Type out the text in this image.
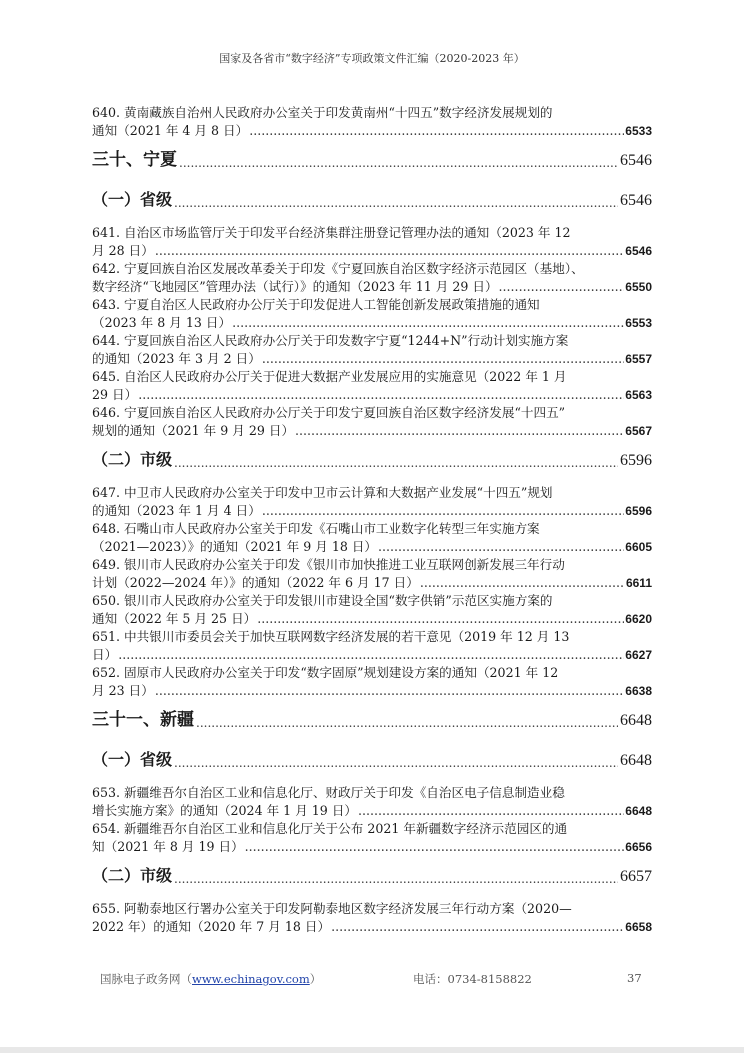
国家及各省市“数字经济”专项政策文件汇编（2020-2023 年）
640. 黄南藏族自治州人民政府办公室关于印发黄南州“十四五”数字经济发展规划的
通知（2021 年 4 月 8 日） .....	6533
三十、宁夏 .....	6546
（一）省级 .....	6546
641. 自治区市场监管厅关于印发平台经济集群注册登记管理办法的通知（2023 年 12
月 28 日） .....	6546
642. 宁夏回族自治区发展改革委关于印发《宁夏回族自治区数字经济示范园区（基地）、
数字经济“飞地园区”管理办法（试行）》的通知（2023 年 11 月 29 日） .....	6550
643. 宁夏自治区人民政府办公厅关于印发促进人工智能创新发展政策措施的通知
（2023 年 8 月 13 日） .....	6553
644. 宁夏回族自治区人民政府办公厅关于印发数字宁夏“1244+N”行动计划实施方案
的通知（2023 年 3 月 2 日） .....	6557
645. 自治区人民政府办公厅关于促进大数据产业发展应用的实施意见（2022 年 1 月
29 日） .....	6563
646. 宁夏回族自治区人民政府办公厅关于印发宁夏回族自治区数字经济发展“十四五”
规划的通知（2021 年 9 月 29 日） .....	6567
（二）市级 .....	6596
647. 中卫市人民政府办公室关于印发中卫市云计算和大数据产业发展“十四五”规划
的通知（2023 年 1 月 4 日） .....	6596
648. 石嘴山市人民政府办公室关于印发《石嘴山市工业数字化转型三年实施方案
（2021—2023）》的通知（2021 年 9 月 18 日） .....	6605
649. 银川市人民政府办公室关于印发《银川市加快推进工业互联网创新发展三年行动
计划（2022—2024 年）》的通知（2022 年 6 月 17 日） .....	6611
650. 银川市人民政府办公室关于印发银川市建设全国“数字供销”示范区实施方案的
通知（2022 年 5 月 25 日） .....	6620
651. 中共银川市委员会关于加快互联网数字经济发展的若干意见（2019 年 12 月 13
日） .....	6627
652. 固原市人民政府办公室关于印发“数字固原”规划建设方案的通知（2021 年 12
月 23 日） .....	6638
三十一、新疆 .....	6648
（一）省级 .....	6648
653. 新疆维吾尔自治区工业和信息化厅、财政厅关于印发《自治区电子信息制造业稳
增长实施方案》的通知（2024 年 1 月 19 日） .....	6648
654. 新疆维吾尔自治区工业和信息化厅关于公布 2021 年新疆数字经济示范园区的通
知（2021 年 8 月 19 日） .....	6656
（二）市级 .....	6657
655. 阿勒泰地区行署办公室关于印发阿勒泰地区数字经济发展三年行动方案（2020—
2022 年）的通知（2020 年 7 月 18 日） .....	6658
国脉电子政务网（www.echinagov.com）	电话：0734-8158822	37
